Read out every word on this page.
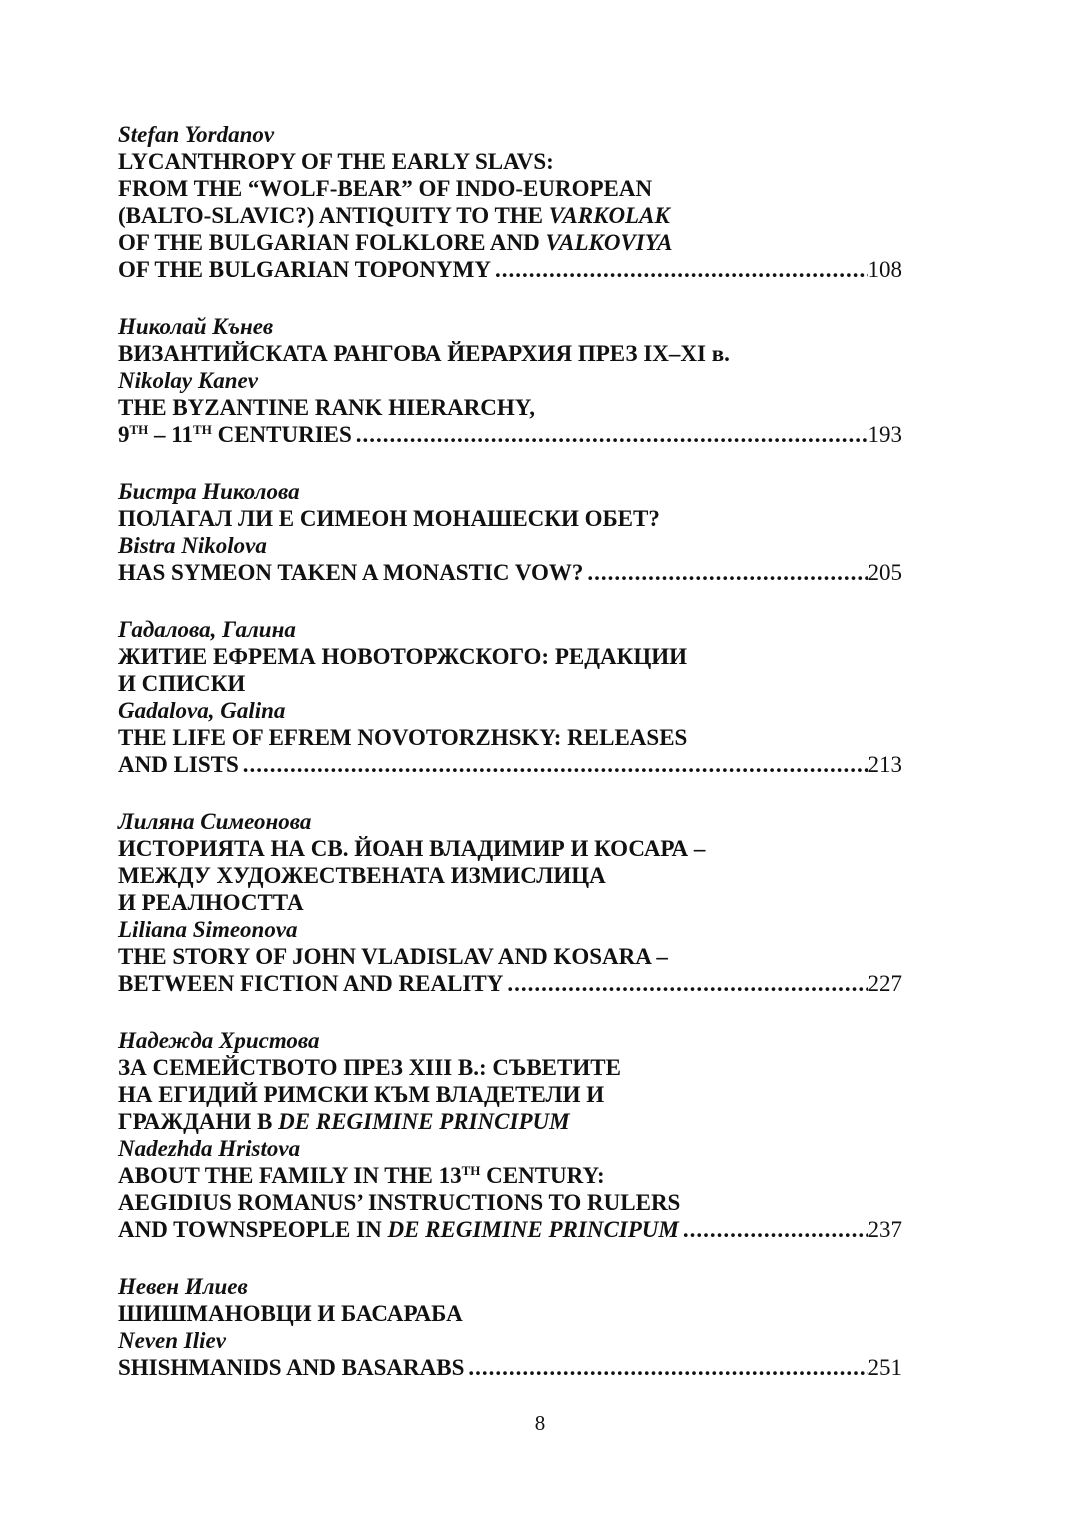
Stefan Yordanov
LYCANTHROPY OF THE EARLY SLAVS:
FROM THE “WOLF-BEAR” OF INDO-EUROPEAN
(BALTO-SLAVIC?) ANTIQUITY TO THE VARKOLAK
OF THE BULGARIAN FOLKLORE AND VALKOVIYA
OF THE BULGARIAN TOPONYMY .....	108
Николай Кънев
ВИЗАНТИЙСКАТА РАНГОВА ЙЕРАРХИЯ ПРЕЗ IX–XI в.
Nikolay Kanev
THE BYZANTINE RANK HIERARCHY,
9TH – 11TH CENTURIES .....	193
Бистра Николова
ПОЛАГАЛ ЛИ Е СИМЕОН МОНАШЕСКИ ОБЕТ?
Bistra Nikolova
HAS SYMEON TAKEN A MONASTIC VOW? .....	205
Гадалова, Галина
ЖИТИЕ ЕФРЕМА НОВОТОРЖСКОГО: РЕДАКЦИИ
И СПИСКИ
Gadalova, Galina
THE LIFE OF EFREM NOVOTORZHSKY: RELEASES
AND LISTS .....	213
Лиляна Симеонова
ИСТОРИЯТА НА СВ. ЙОАН ВЛАДИМИР И КОСАРА –
МЕЖДУ ХУДОЖЕСТВЕНАТА ИЗМИСЛИЦА
И РЕАЛНОСТТА
Liliana Simeonova
THE STORY OF JOHN VLADISLAV AND KOSARA –
BETWEEN FICTION AND REALITY .....	227
Надежда Христова
ЗА СЕМЕЙСТВОТО ПРЕЗ XIII В.: СЪВЕТИТЕ
НА ЕГИДИЙ РИМСКИ КЪМ ВЛАДЕТЕЛИ И
ГРАЖДАНИ В DE REGIMINE PRINCIPUM
Nadezhda Hristova
ABOUT THE FAMILY IN THE 13TH CENTURY:
AEGIDIUS ROMANUS’ INSTRUCTIONS TO RULERS
AND TOWNSPEOPLE IN DE REGIMINE PRINCIPUM .....	237
Невен Илиев
ШИШМАНОВЦИ И БАСАРАБА
Neven Iliev
SHISHMANIDS AND BASARABS .....	251
8
